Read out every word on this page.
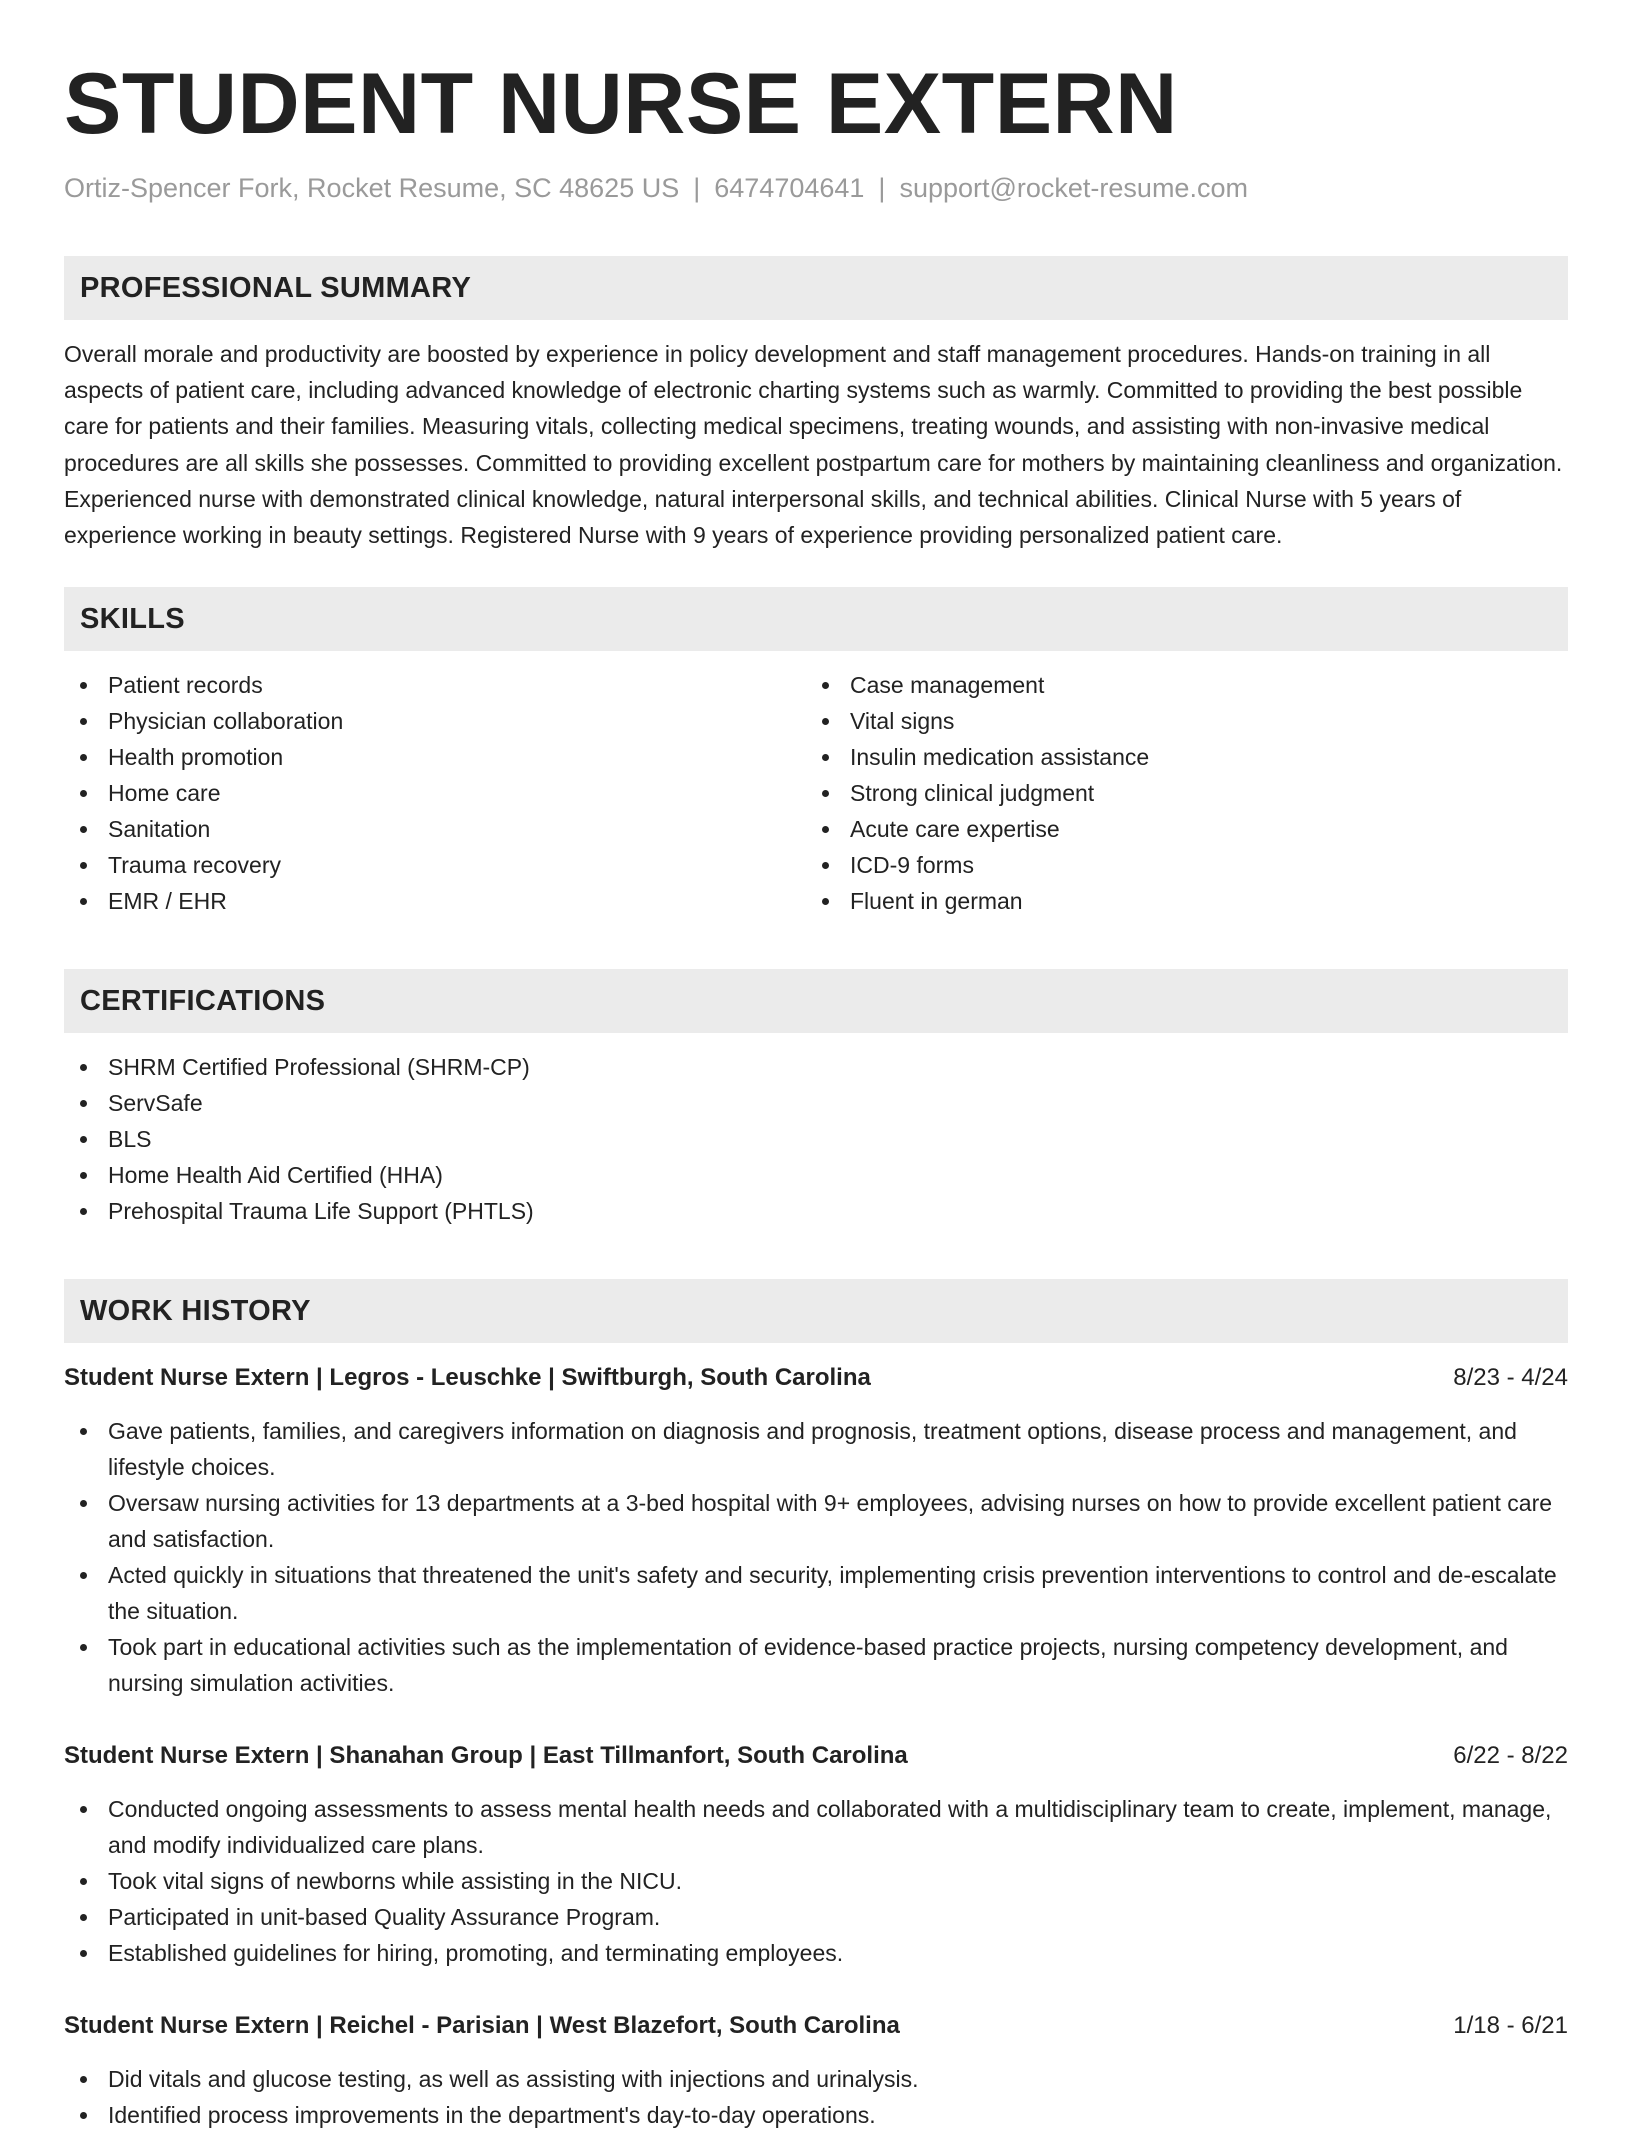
STUDENT NURSE EXTERN
Ortiz-Spencer Fork, Rocket Resume, SC 48625 US | 6474704641 | support@rocket-resume.com
PROFESSIONAL SUMMARY

Overall morale and productivity are boosted by experience in policy development and staff management procedures. Hands-on training in all aspects of patient care, including advanced knowledge of electronic charting systems such as warmly. Committed to providing the best possible care for patients and their families. Measuring vitals, collecting medical specimens, treating wounds, and assisting with non-invasive medical procedures are all skills she possesses. Committed to providing excellent postpartum care for mothers by maintaining cleanliness and organization. Experienced nurse with demonstrated clinical knowledge, natural interpersonal skills, and technical abilities. Clinical Nurse with 5 years of experience working in beauty settings. Registered Nurse with 9 years of experience providing personalized patient care.

SKILLS
Patient records
Physician collaboration
Health promotion
Home care
Sanitation
Trauma recovery
EMR / EHR
Case management
Vital signs
Insulin medication assistance
Strong clinical judgment
Acute care expertise
ICD-9 forms
Fluent in german
CERTIFICATIONS
SHRM Certified Professional (SHRM-CP)
ServSafe
BLS
Home Health Aid Certified (HHA)
Prehospital Trauma Life Support (PHTLS)
WORK HISTORY
Student Nurse Extern | Legros - Leuschke | Swiftburgh, South Carolina	8/23 - 4/24
Gave patients, families, and caregivers information on diagnosis and prognosis, treatment options, disease process and management, and lifestyle choices.
Oversaw nursing activities for 13 departments at a 3-bed hospital with 9+ employees, advising nurses on how to provide excellent patient care and satisfaction.
Acted quickly in situations that threatened the unit's safety and security, implementing crisis prevention interventions to control and de-escalate the situation.
Took part in educational activities such as the implementation of evidence-based practice projects, nursing competency development, and nursing simulation activities.
Student Nurse Extern | Shanahan Group | East Tillmanfort, South Carolina	6/22 - 8/22
Conducted ongoing assessments to assess mental health needs and collaborated with a multidisciplinary team to create, implement, manage, and modify individualized care plans.
Took vital signs of newborns while assisting in the NICU.
Participated in unit-based Quality Assurance Program.
Established guidelines for hiring, promoting, and terminating employees.
Student Nurse Extern | Reichel - Parisian | West Blazefort, South Carolina	1/18 - 6/21
Did vitals and glucose testing, as well as assisting with injections and urinalysis.
Identified process improvements in the department's day-to-day operations.
